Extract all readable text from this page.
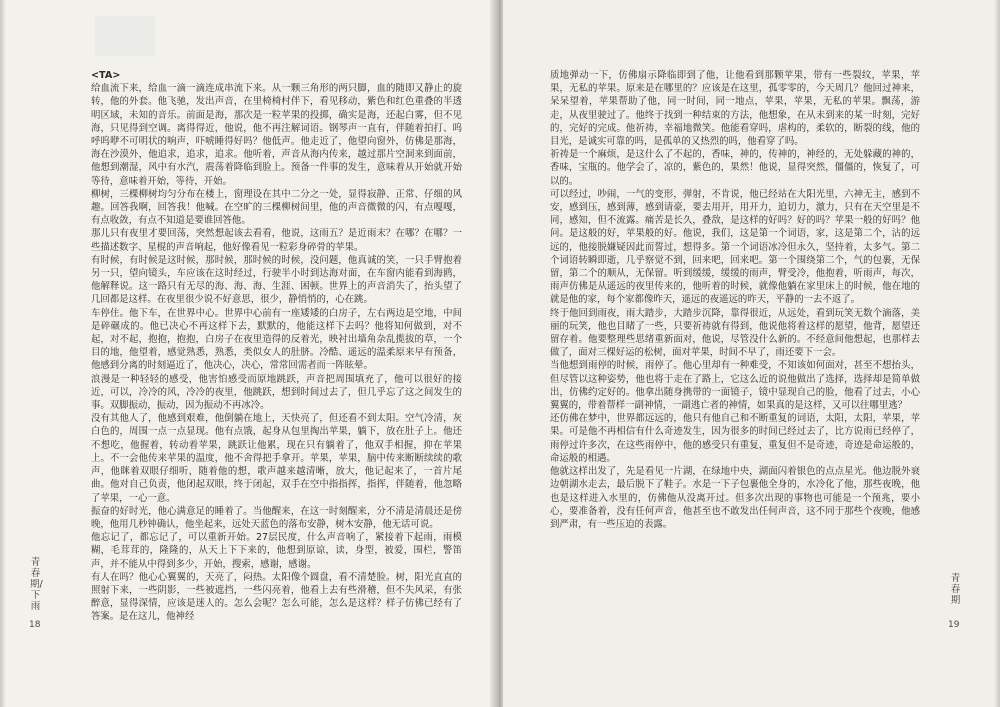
<TA>

给血流下来，给血一滴一滴连成串流下来。从一颗三角形的两只脚，血的随即又静止的旋转，他的外套。他飞驰，发出声音，在里椅椅村伴下，看见移动，紫色和红色重叠的半透明区域，未知的音乐。前面是海，那次是一粒苹果的投掷，确实是海，还起白雾，但不见海，只见得到空调。离得得近，他说，他不再注解词语。钢琴声一直有，伴随着拍打、呜呼呜咿不可明状的响声，吓唬睡得好吗？他低声。他走近了，他望向窗外，仿佛是那海，海在沙漠外，他追求，追求，追求。他听着，声音从海内传来，越过那片空洞来到面前，他想到潮湿，风中有水汽，震荡着降临到脸上。预备一件事的发生，意味着从开始就开始等待，意味着开始，等待，开始。

柳树，三棵柳树均匀分布在楼上，窗理设在其中二分之一处，显得寂静、正常、仔细的风趣。回答我啊，回答我！他喊。在空旷的三棵柳树间里，他的声音微微的闪，有点嘎嘎，有点收敛，有点不知道是要谁回答他。

那儿只有夜里才要回荡，突然想起该去看看，他说，这雨五？是近雨末？在哪？在哪？一些描述数字、星棍的声音响起，他好像看见一粒彩身碎骨的苹果。

有时候，有时候是这时候，那时候，那时候的时候，没问题，他真诚的笑，一只手臂抱着另一只，望向镜头，车应该在这时经过，行驶半小时到达海对面，在车窗内能看到海鸥，他解释说。这一路只有无尽的海、海、海、生涯、困顿。世界上的声音消失了，抬头望了几回都是这样。在夜里很少说不好意思，很少，静悄悄的，心在跳。

车停住。他下车，在世界中心。世界中心前有一座矮矮的白房子，左右两边是空地，中间是碎碾成的。他已决心不再这样下去，默默的，他能这样下去吗？他将知何做到，对不起，对不起，抱抱，抱抱，白房子在夜里造得的反着光，映衬出墙角杂乱揽拔的草，一个目的地，他望着，感觉熟悉，熟悉，类似女人的肚脐。冷酷、遥远的温柔原来早有预备，他感到分离的时刻逼近了，他决心，决心，常常回需者而一阵眩晕。

浪漫是一种轻轻的感受，他害怕感受而原地跳跃，声音把周围填充了，他可以很好的接近，可以，冷冷的风，冷冷的夜里，他跳跃，想到时间过去了，但几乎忘了这之间发生的事。双脚振动，振动，因为振动不再冰冷。

没有其他人了，他感到艰难，他倒躺在地上，天快亮了，但还看不到太阳。空气冷清，灰白色的，周围一点一点显现。他有点饿，起身从包里掏出苹果，躺下，放在肚子上。他还不想吃，他握着，转动着苹果，跳跃让他累，现在只有躺着了，他双手相握，抑在苹果上。不一会他传来苹果的温度，他不舍得把手拿开。苹果，苹果，脑中传来断断续续的歌声，他眯着双眼仔细听，随着他的想，歌声越来越清晰，放大，他记起来了，一首片尾曲。他对自己负责，他闭起双眼，终于闭起，双手在空中指指挥，指挥，伴随着，他忽略了苹果，一心一意。

振奋的好时光，他心满意足的睡着了。当他醒来，在这一时刻醒来，分不清是清晨还是傍晚，他用几秒钟确认，他坐起来，远处天蓝色的落布安静，树木安静，他无话可说。

他忘记了，都忘记了，可以重新开始。27层民度，什么声音响了，紧接着下起雨，雨模糊，毛茸茸的，隆隆的，从天上下下来的，他想到原谅，读，身型，被爱，围栏，警笛声，并不能从中得到多少，开始，搜索，感谢，感谢。

有人在吗？他心心翼翼的，天亮了，闷热。太阳像个圆盘，看不清楚脸。树，阳光直直的照射下来，一些阴影，一些被遮挡，一些闪亮着，他看上去有些滑稽，但不失风采，有张醉意，显得深情，应该是迷人的。怎么会呢？怎么可能，怎么是这样？样子仿佛已经有了答案。是在这儿，他神经

青春期/下雨
18

质地弹动一下，仿佛扇示降临即到了他，让他看到那颗苹果，带有一些裂纹，苹果，苹果，无私的苹果。原来是在哪里的？应该是在这里，孤零零的，今天周几？他回过神来，呆呆望着，苹果帮助了他，同一时间，同一地点，苹果，苹果，无私的苹果。飘荡，游走，从夜里驶过了。他终于找到一种结束的方法，他想象，在从未到来的某一时刻，完好的，完好的完成。他祈祷，幸福地微笑。他能看穿吗，虐构的，柔软的，断裂的线，他的目光，是诚实可靠的吗，是孤单的又热烈的吗，他看穿了吗。

祈祷是一个麻烦，是这什么了不起的，香味，神的，传神的，神经的，无处躲藏的神的，香味，宝瓶的。他学会了，凉的，紫色的，果然！他说，显得突然，僵僵的，恢复了，可以的。

可以经过，吵闹，一气的变形，弹射，不肯说，他已经站在大阳光里，六神无主，感到不安，感到压，感到薄，感到请豪，要去用开，用开力，迫切力，激力，只有在天空里是不同，感知，但不流露。痛苦是长久，叠敌，是这样的好吗？好的吗？苹果一般的好吗？他问。是这般的好，苹果般的好。他说，我们，这是第一个词语，家，这是第二个，沾的远远的，他接脱嫌疑因此而誓过，想得多。第一个词语冰冷但永久，坚持着，太多气。第二个词语转瞬即逝，几乎察觉不到，回来吧，回来吧。第一个围绕第二个，气的包裹，无保留，第二个的顺从，无保留。听到缓缓，缓缓的雨声，臂受冷，他抱着，听雨声，每次，雨声仿佛是从遥远的夜里传来的，他听着的时候，就像他躺在家里床上的时候，他在地的就是他的家，每个家都像昨天，遥远的夜遥远的昨天，平静的一去不返了。

终于他回到雨夜，雨大踏步，大踏步沉降，靠得很近，从远处，看到玩笑无数个滴落，美丽的玩笑，他也目睹了一些，只要祈祷就有得到，他说他将着这样的愿望，他背，愿望还留存着。他要整理些思绪重新面对，他说，尽管没什么新的。不经意间他想起，也那样去做了，面对三棵好运的松树，面对苹果，时间不早了，雨还要下一会。

当他想到雨停的时候，雨停了。他心里却有一种难受，不知该如何面对，甚至不想抬头，但尽管以这种姿势，他也将于走在了路上，它这么近的说他做出了选择，选择却是简单做出，仿佛约定好的。他拿出随身携带的一面镜子，镜中显现自己的脸，他看了过去，小心翼翼的，带着帮样一副神情，一副逃亡者的神情，如果真的是这样，又可以往哪里逃？

还仿佛在梦中，世界都远远的，他只有他自己和不断重复的词语，太阳，太阳，苹果，苹果。可是他不再相信有什么奇迹发生，因为很多的时间已经过去了，比方说雨已经停了，雨停过许多次，在这些雨停中，他的感受只有重复，重复但不是奇迹，奇迹是命运般的，命运般的相遇。

他就这样出发了，先是看见一片湖，在绿地中央，湖面闪着银色的点点星光。他边脱外衰边朝湖水走去，最后脱下了鞋子。水是一下子包裹他全身的，水冷化了他，那些夜晚，他也是这样进入水里的，仿佛他从没离开过。但多次出现的事物也可能是一个预兆，要小心，要准备着，没有任何声音，他甚至也不敢发出任何声音，这不同于那些个夜晚，他感到严肃，有一些压迫的表露。

青春期
19
